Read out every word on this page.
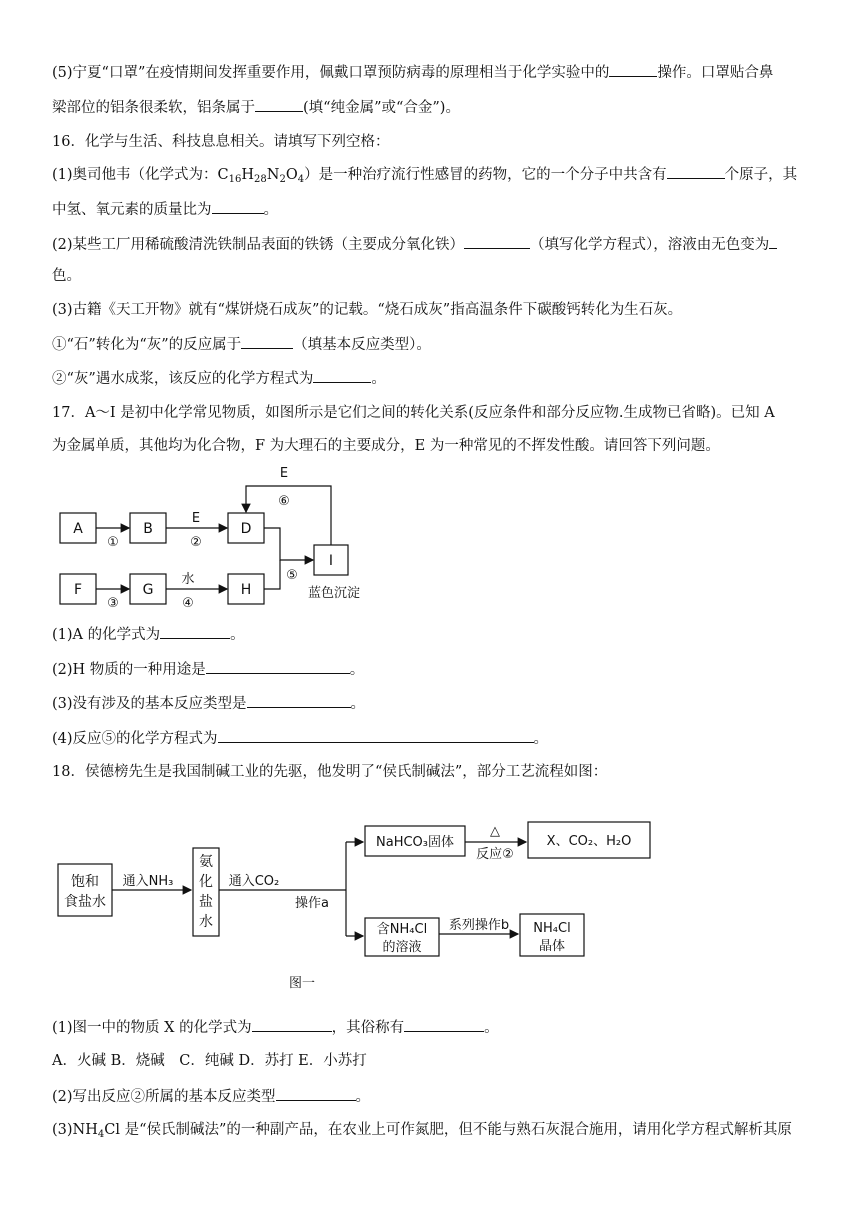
(5)宁夏“口罩”在疫情期间发挥重要作用，佩戴口罩预防病毒的原理相当于化学实验中的	操作。口罩贴合鼻
梁部位的铝条很柔软，铝条属于	(填“纯金属”或“合金”)。
16．化学与生活、科技息息相关。请填写下列空格：
(1)奥司他韦（化学式为：$C_{16}H_{28}N_2O_4$）是一种治疗流行性感冒的药物，它的一个分子中共含有	个原子，其
中氢、氧元素的质量比为	。
(2)某些工厂用稀硫酸清洗铁制品表面的铁锈（主要成分氧化铁）	（填写化学方程式），溶液由无色变为
色。
(3)古籍《天工开物》就有“煤饼烧石成灰”的记载。“烧石成灰”指高温条件下碳酸钙转化为生石灰。
①“石”转化为“灰”的反应属于	（填基本反应类型）。
②“灰”遇水成浆，该反应的化学方程式为	。
17．A～I 是初中化学常见物质，如图所示是它们之间的转化关系(反应条件和部分反应物.生成物已省略)。已知 A
为金属单质，其他均为化合物，F 为大理石的主要成分，E 为一种常见的不挥发性酸。请回答下列问题。
(1)A 的化学式为	。
(2)H 物质的一种用途是	。
(3)没有涉及的基本反应类型是	。
(4)反应⑤的化学方程式为	。
18．侯德榜先生是我国制碱工业的先驱，他发明了“侯氏制碱法”，部分工艺流程如图：
(1)图一中的物质 X 的化学式为	，其俗称有	。
A．火碱 B．烧碱　C．纯碱 D．苏打 E．小苏打
(2)写出反应②所属的基本反应类型	。
$(3)NH_4Cl$ 是“侯氏制碱法”的一种副产品，在农业上可作氮肥，但不能与熟石灰混合施用，请用化学方程式解析其原
A	B	D
F	G	H
I
①
E
②
③
水
④
⑤
E
⑥
蓝色沉淀
饱和
食盐水
通入NH₃
氨
化
盐
水
通入CO₂
操作a
NaHCO₃固体
△
反应②
X、CO₂、H₂O
含NH₄Cl
的溶液
系列操作b NH₄Cl
晶体
图一
